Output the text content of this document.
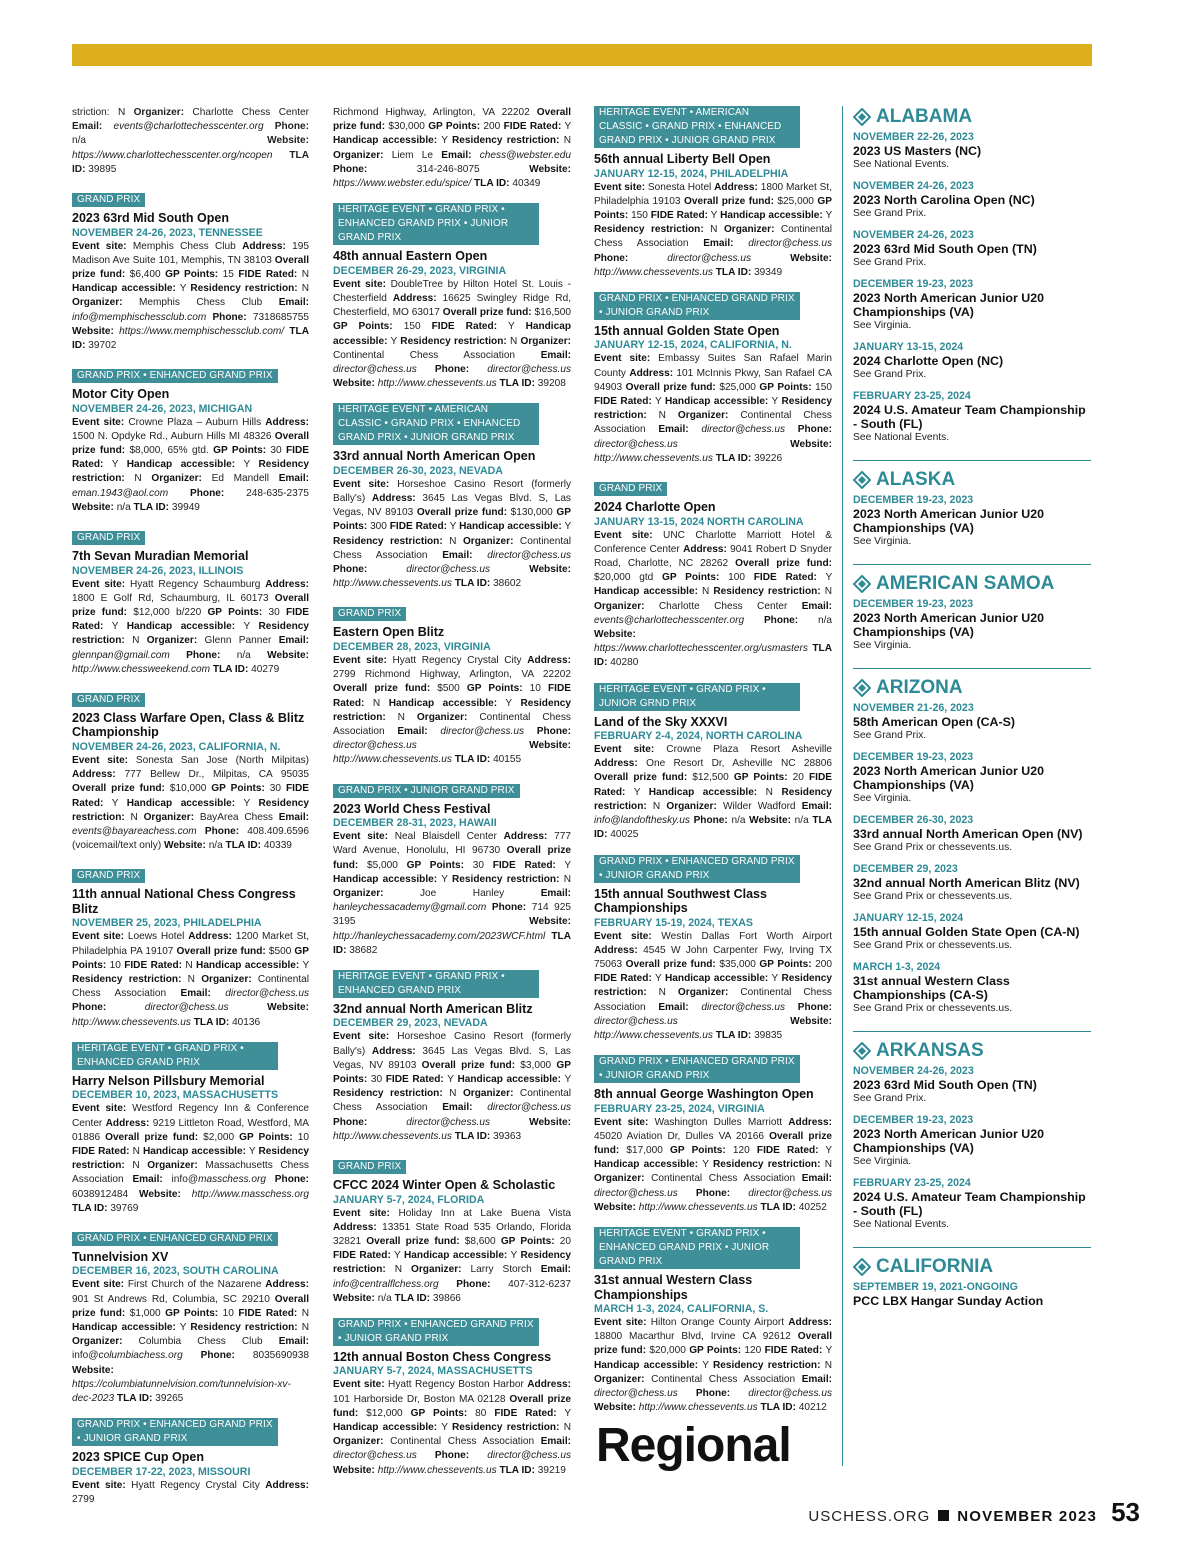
striction: N Organizer: Charlotte Chess Center Email: events@charlottechesscenter.org Phone: n/a Website: https://www.charlottechesscenter.org/ncopen TLA ID: 39895
GRAND PRIX
2023 63rd Mid South Open
NOVEMBER 24-26, 2023, TENNESSEE
Event site: Memphis Chess Club Address: 195 Madison Ave Suite 101, Memphis, TN 38103 Overall prize fund: $6,400 GP Points: 15 FIDE Rated: N Handicap accessible: Y Residency restriction: N Organizer: Memphis Chess Club Email: info@memphischessclub.com Phone: 7318685755 Website: https://www.memphischessclub.com/ TLA ID: 39702
GRAND PRIX • ENHANCED GRAND PRIX
Motor City Open
NOVEMBER 24-26, 2023, MICHIGAN
Event site: Crowne Plaza – Auburn Hills Address: 1500 N. Opdyke Rd., Auburn Hills MI 48326 Overall prize fund: $8,000, 65% gtd. GP Points: 30 FIDE Rated: Y Handicap accessible: Y Residency restriction: N Organizer: Ed Mandell Email: eman.1943@aol.com Phone: 248-635-2375 Website: n/a TLA ID: 39949
GRAND PRIX
7th Sevan Muradian Memorial
NOVEMBER 24-26, 2023, ILLINOIS
Event site: Hyatt Regency Schaumburg Address: 1800 E Golf Rd, Schaumburg, IL 60173 Overall prize fund: $12,000 b/220 GP Points: 30 FIDE Rated: Y Handicap accessible: Y Residency restriction: N Organizer: Glenn Panner Email: glennpan@gmail.com Phone: n/a Website: http://www.chessweekend.com TLA ID: 40279
GRAND PRIX
2023 Class Warfare Open, Class & Blitz Championship
NOVEMBER 24-26, 2023, CALIFORNIA, N.
Event site: Sonesta San Jose (North Milpitas) Address: 777 Bellew Dr., Milpitas, CA 95035 Overall prize fund: $10,000 GP Points: 30 FIDE Rated: Y Handicap accessible: Y Residency restriction: N Organizer: BayArea Chess Email: events@bayareachess.com Phone: 408.409.6596 (voicemail/text only) Website: n/a TLA ID: 40339
GRAND PRIX
11th annual National Chess Congress Blitz
NOVEMBER 25, 2023, PHILADELPHIA
Event site: Loews Hotel Address: 1200 Market St, Philadelphia PA 19107 Overall prize fund: $500 GP Points: 10 FIDE Rated: N Handicap accessible: Y Residency restriction: N Organizer: Continental Chess Association Email: director@chess.us Phone:	director@chess.us	Website: http://www.chessevents.us TLA ID: 40136
HERITAGE EVENT • GRAND PRIX • ENHANCED GRAND PRIX
Harry Nelson Pillsbury Memorial
DECEMBER 10, 2023, MASSACHUSETTS
Event site: Westford Regency Inn & Conference Center Address: 9219 Littleton Road, Westford, MA 01886 Overall prize fund: $2,000 GP Points: 10 FIDE Rated: N Handicap accessible: Y Residency restriction: N Organizer: Massachusetts Chess Association Email: info@masschess.org Phone: 6038912484 Website: http://www.masschess.org TLA ID: 39769
GRAND PRIX • ENHANCED GRAND PRIX
Tunnelvision XV
DECEMBER 16, 2023, SOUTH CAROLINA
Event site: First Church of the Nazarene Address: 901 St Andrews Rd, Columbia, SC 29210 Overall prize fund: $1,000 GP Points: 10 FIDE Rated: N Handicap accessible: Y Residency restriction: N Organizer: Columbia Chess Club Email: info@columbiachess.org Phone: 8035690938 Website: https://columbiatunnelvision.com/tunnelvision-xv-dec-2023 TLA ID: 39265
GRAND PRIX • ENHANCED GRAND PRIX • JUNIOR GRAND PRIX
2023 SPICE Cup Open
DECEMBER 17-22, 2023, MISSOURI
Event site: Hyatt Regency Crystal City Address: 2799
Richmond Highway, Arlington, VA 22202 Overall prize fund: $30,000 GP Points: 200 FIDE Rated: Y Handicap accessible: Y Residency restriction: N Organizer: Liem Le Email: chess@webster.edu Phone: 314-246-8075 Website: https://www.webster.edu/spice/ TLA ID: 40349
HERITAGE EVENT • GRAND PRIX • ENHANCED GRAND PRIX • JUNIOR GRAND PRIX
48th annual Eastern Open
DECEMBER 26-29, 2023, VIRGINIA
Event site: DoubleTree by Hilton Hotel St. Louis - Chesterfield Address: 16625 Swingley Ridge Rd, Chesterfield, MO 63017 Overall prize fund: $16,500 GP Points: 150 FIDE Rated: Y Handicap accessible: Y Residency restriction: N Organizer: Continental Chess Association Email: director@chess.us Phone: director@chess.us Website: http://www.chessevents.us TLA ID: 39208
HERITAGE EVENT • AMERICAN CLASSIC • GRAND PRIX • ENHANCED GRAND PRIX • JUNIOR GRAND PRIX
33rd annual North American Open
DECEMBER 26-30, 2023, NEVADA
Event site: Horseshoe Casino Resort (formerly Bally's) Address: 3645 Las Vegas Blvd. S, Las Vegas, NV 89103 Overall prize fund: $130,000 GP Points: 300 FIDE Rated: Y Handicap accessible: Y Residency restriction: N Organizer: Continental Chess Association Email: director@chess.us Phone:	director@chess.us	Website: http://www.chessevents.us TLA ID: 38602
GRAND PRIX
Eastern Open Blitz
DECEMBER 28, 2023, VIRGINIA
Event site: Hyatt Regency Crystal City Address: 2799 Richmond Highway, Arlington, VA 22202 Overall prize fund: $500 GP Points: 10 FIDE Rated: N Handicap accessible: Y Residency restriction: N Organizer: Continental Chess Association Email: director@chess.us Phone: director@chess.us	Website: http://www.chessevents.us TLA ID: 40155
GRAND PRIX • JUNIOR GRAND PRIX
2023 World Chess Festival
DECEMBER 28-31, 2023, HAWAII
Event site: Neal Blaisdell Center Address: 777 Ward Avenue, Honolulu, HI 96730 Overall prize fund: $5,000 GP Points: 30 FIDE Rated: Y Handicap accessible: Y Residency restriction: N Organizer: Joe Hanley Email: hanleychessacademy@gmail.com Phone: 714 925 3195 Website: http://hanleychessacademy.com/2023WCF.html TLA ID: 38682
HERITAGE EVENT • GRAND PRIX • ENHANCED GRAND PRIX
32nd annual North American Blitz
DECEMBER 29, 2023, NEVADA
Event site: Horseshoe Casino Resort (formerly Bally's) Address: 3645 Las Vegas Blvd. S, Las Vegas, NV 89103 Overall prize fund: $3,000 GP Points: 30 FIDE Rated: Y Handicap accessible: Y Residency restriction: N Organizer: Continental Chess Association Email: director@chess.us Phone:	director@chess.us	Website: http://www.chessevents.us TLA ID: 39363
GRAND PRIX
CFCC 2024 Winter Open & Scholastic
JANUARY 5-7, 2024, FLORIDA
Event site: Holiday Inn at Lake Buena Vista Address: 13351 State Road 535 Orlando, Florida 32821 Overall prize fund: $8,600 GP Points: 20 FIDE Rated: Y Handicap accessible: Y Residency restriction: N Organizer: Larry Storch Email: info@centralflchess.org Phone: 407-312-6237 Website: n/a TLA ID: 39866
GRAND PRIX • ENHANCED GRAND PRIX • JUNIOR GRAND PRIX
12th annual Boston Chess Congress
JANUARY 5-7, 2024, MASSACHUSETTS
Event site: Hyatt Regency Boston Harbor Address: 101 Harborside Dr, Boston MA 02128 Overall prize fund: $12,000 GP Points: 80 FIDE Rated: Y Handicap accessible: Y Residency restriction: N Organizer: Continental Chess Association Email: director@chess.us Phone: director@chess.us Website: http://www.chessevents.us TLA ID: 39219
HERITAGE EVENT • AMERICAN CLASSIC • GRAND PRIX • ENHANCED GRAND PRIX • JUNIOR GRAND PRIX
56th annual Liberty Bell Open
JANUARY 12-15, 2024, PHILADELPHIA
Event site: Sonesta Hotel Address: 1800 Market St, Philadelphia 19103 Overall prize fund: $25,000 GP Points: 150 FIDE Rated: Y Handicap accessible: Y Residency restriction: N Organizer: Continental Chess Association Email: director@chess.us Phone:	director@chess.us	Website: http://www.chessevents.us TLA ID: 39349
GRAND PRIX • ENHANCED GRAND PRIX • JUNIOR GRAND PRIX
15th annual Golden State Open
JANUARY 12-15, 2024, CALIFORNIA, N.
Event site: Embassy Suites San Rafael Marin County Address: 101 McInnis Pkwy, San Rafael CA 94903 Overall prize fund: $25,000 GP Points: 150 FIDE Rated: Y Handicap accessible: Y Residency restriction: N Organizer: Continental Chess Association Email: director@chess.us Phone: director@chess.us	Website: http://www.chessevents.us TLA ID: 39226
GRAND PRIX
2024 Charlotte Open
JANUARY 13-15, 2024 NORTH CAROLINA
Event site: UNC Charlotte Marriott Hotel & Conference Center Address: 9041 Robert D Snyder Road, Charlotte, NC 28262 Overall prize fund: $20,000 gtd GP Points: 100 FIDE Rated: Y Handicap accessible: N Residency restriction: N Organizer: Charlotte Chess Center Email: events@charlottechesscenter.org Phone: n/a Website: https://www.charlottechesscenter.org/usmasters TLA ID: 40280
HERITAGE EVENT • GRAND PRIX • JUNIOR GRND PRIX
Land of the Sky XXXVI
FEBRUARY 2-4, 2024, NORTH CAROLINA
Event site: Crowne Plaza Resort Asheville Address: One Resort Dr, Asheville NC 28806 Overall prize fund: $12,500 GP Points: 20 FIDE Rated: Y Handicap accessible: N Residency restriction: N Organizer: Wilder Wadford Email: info@landofthesky.us Phone: n/a Website: n/a TLA ID: 40025
GRAND PRIX • ENHANCED GRAND PRIX • JUNIOR GRAND PRIX
15th annual Southwest Class Championships
FEBRUARY 15-19, 2024, TEXAS
Event site: Westin Dallas Fort Worth Airport Address: 4545 W John Carpenter Fwy, Irving TX 75063 Overall prize fund: $35,000 GP Points: 200 FIDE Rated: Y Handicap accessible: Y Residency restriction: N Organizer: Continental Chess Association Email: director@chess.us Phone: director@chess.us	Website: http://www.chessevents.us TLA ID: 39835
GRAND PRIX • ENHANCED GRAND PRIX • JUNIOR GRAND PRIX
8th annual George Washington Open
FEBRUARY 23-25, 2024, VIRGINIA
Event site: Washington Dulles Marriott Address: 45020 Aviation Dr, Dulles VA 20166 Overall prize fund: $17,000 GP Points: 120 FIDE Rated: Y Handicap accessible: Y Residency restriction: N Organizer: Continental Chess Association Email: director@chess.us Phone: director@chess.us Website: http://www.chessevents.us TLA ID: 40252
HERITAGE EVENT • GRAND PRIX • ENHANCED GRAND PRIX • JUNIOR GRAND PRIX
31st annual Western Class Championships
MARCH 1-3, 2024, CALIFORNIA, S.
Event site: Hilton Orange County Airport Address: 18800 Macarthur Blvd, Irvine CA 92612 Overall prize fund: $20,000 GP Points: 120 FIDE Rated: Y Handicap accessible: Y Residency restriction: N Organizer: Continental Chess Association Email: director@chess.us Phone: director@chess.us Website: http://www.chessevents.us TLA ID: 40212
Regional
ALABAMA
NOVEMBER 22-26, 2023
2023 US Masters (NC)
See National Events.
NOVEMBER 24-26, 2023
2023 North Carolina Open (NC)
See Grand Prix.
NOVEMBER 24-26, 2023
2023 63rd Mid South Open (TN)
See Grand Prix.
DECEMBER 19-23, 2023
2023 North American Junior U20 Championships (VA)
See Virginia.
JANUARY 13-15, 2024
2024 Charlotte Open (NC)
See Grand Prix.
FEBRUARY 23-25, 2024
2024 U.S. Amateur Team Championship - South (FL)
See National Events.
ALASKA
DECEMBER 19-23, 2023
2023 North American Junior U20 Championships (VA)
See Virginia.
AMERICAN SAMOA
DECEMBER 19-23, 2023
2023 North American Junior U20 Championships (VA)
See Virginia.
ARIZONA
NOVEMBER 21-26, 2023
58th American Open (CA-S)
See Grand Prix.
DECEMBER 19-23, 2023
2023 North American Junior U20 Championships (VA)
See Virginia.
DECEMBER 26-30, 2023
33rd annual North American Open (NV)
See Grand Prix or chessevents.us.
DECEMBER 29, 2023
32nd annual North American Blitz (NV)
See Grand Prix or chessevents.us.
JANUARY 12-15, 2024
15th annual Golden State Open (CA-N)
See Grand Prix or chessevents.us.
MARCH 1-3, 2024
31st annual Western Class Championships (CA-S)
See Grand Prix or chessevents.us.
ARKANSAS
NOVEMBER 24-26, 2023
2023 63rd Mid South Open (TN)
See Grand Prix.
DECEMBER 19-23, 2023
2023 North American Junior U20 Championships (VA)
See Virginia.
FEBRUARY 23-25, 2024
2024 U.S. Amateur Team Championship - South (FL)
See National Events.
CALIFORNIA
SEPTEMBER 19, 2021-ONGOING
PCC LBX Hangar Sunday Action
USCHESS.ORG NOVEMBER 2023 53
